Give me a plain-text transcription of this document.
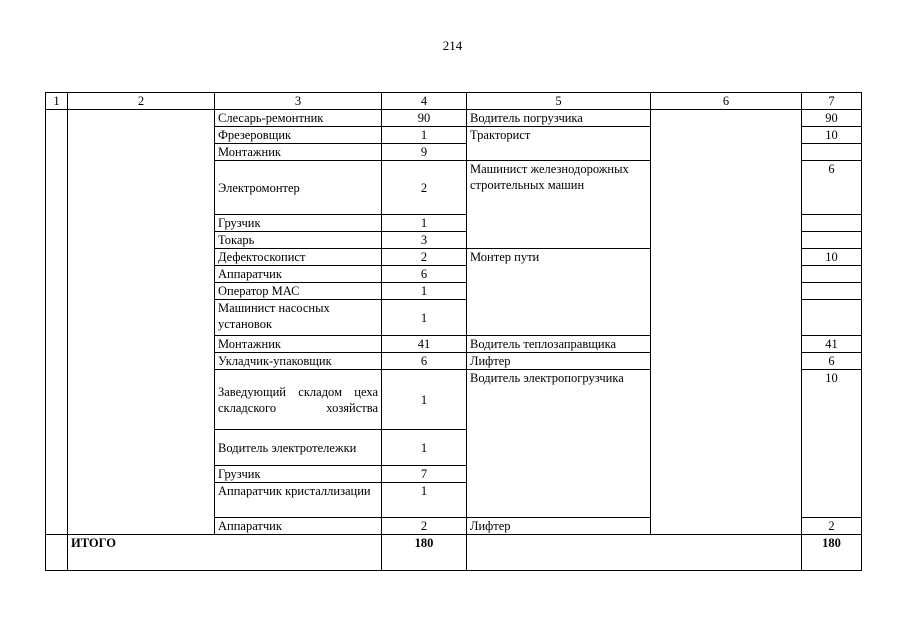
214
1	2	3	4	5	6	7
		Слесарь-ремонтник	90	Водитель погрузчика		90
		Фрезеровщик	1	Тракторист		10
		Монтажник	9			
		Электромонтер	2	Машинист железнодорожных строительных машин		6
		Грузчик	1			
		Токарь	3			
		Дефектоскопист	2	Монтер пути		10
		Аппаратчик	6			
		Оператор МАС	1			
		Машинист насосных установок	1			
		Монтажник	41	Водитель теплозаправщика		41
		Укладчик-упаковщик	6	Лифтер		6
		Заведующий складом цеха складского хозяйства	1	Водитель электропогрузчика		10
		Водитель электротележки	1			
		Грузчик	7			
		Аппаратчик кристаллизации	1			
		Аппаратчик	2	Лифтер		2
	ИТОГО		180			180
